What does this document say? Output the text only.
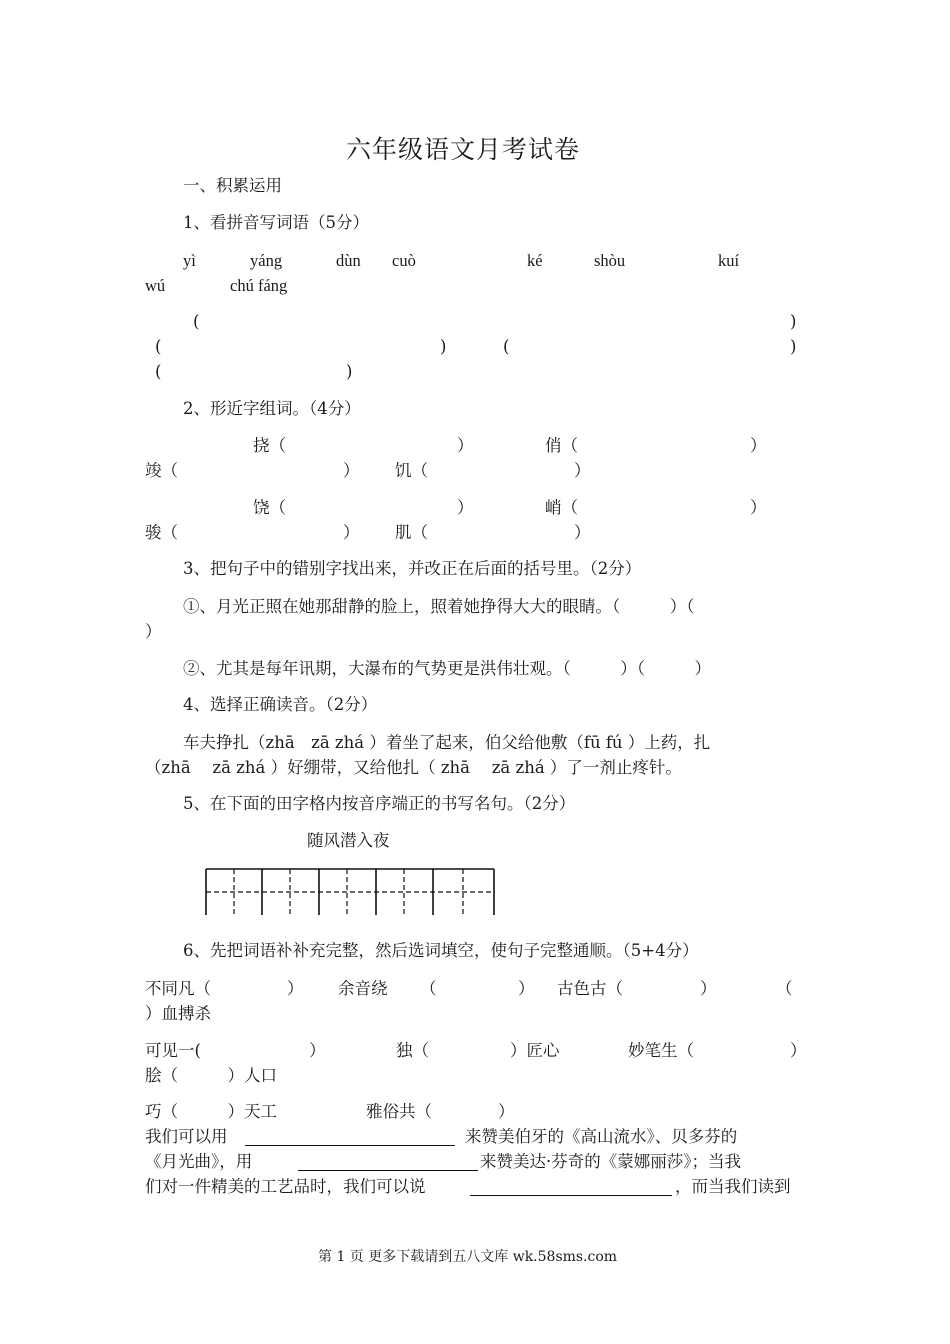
六年级语文月考试卷
一、积累运用
1、看拼音写词语（5分）
yì	yáng	dùn cuò	ké	shòu	kuí
wú	chú fáng
(	)
(	)	(	)
(	)
2、形近字组词。（4分）
挠（	）	俏（	）
竣（	） 饥（	）
饶（	）	峭（	）
骏（	） 肌（	）
3、把句子中的错别字找出来，并改正在后面的括号里。（2分）
①、月光正照在她那甜静的脸上，照着她挣得大大的眼睛。（　　　）（
）
②、尤其是每年讯期，大瀑布的气势更是洪伟壮观。（　　　）（　　　）
4、选择正确读音。（2分）
车夫挣扎（zhā　zā zhá ）着坐了起来，伯父给他敷（fū fú ）上药，扎
（zhā　 zā zhá ）好绷带，又给他扎（ zhā　 zā zhá ）了一剂止疼针。
5、在下面的田字格内按音序端正的书写名句。（2分）
随风潜入夜
6、先把词语补补充完整，然后选词填空，使句子完整通顺。（5+4分）
不同凡（	） 余音绕 （	） 古色古（	）	（
）血搏杀
可见一(	）	独（	）匠心	妙笔生（	）
脍（　　　）人口
巧（　　　）天工	雅俗共（　　　　）
我们可以用	来赞美伯牙的《高山流水》、贝多芬的
《月光曲》，用	来赞美达·芬奇的《蒙娜丽莎》；当我
们对一件精美的工艺品时，我们可以说	，而当我们读到
第 1 页 更多下载请到五八文库 wk.58sms.com
